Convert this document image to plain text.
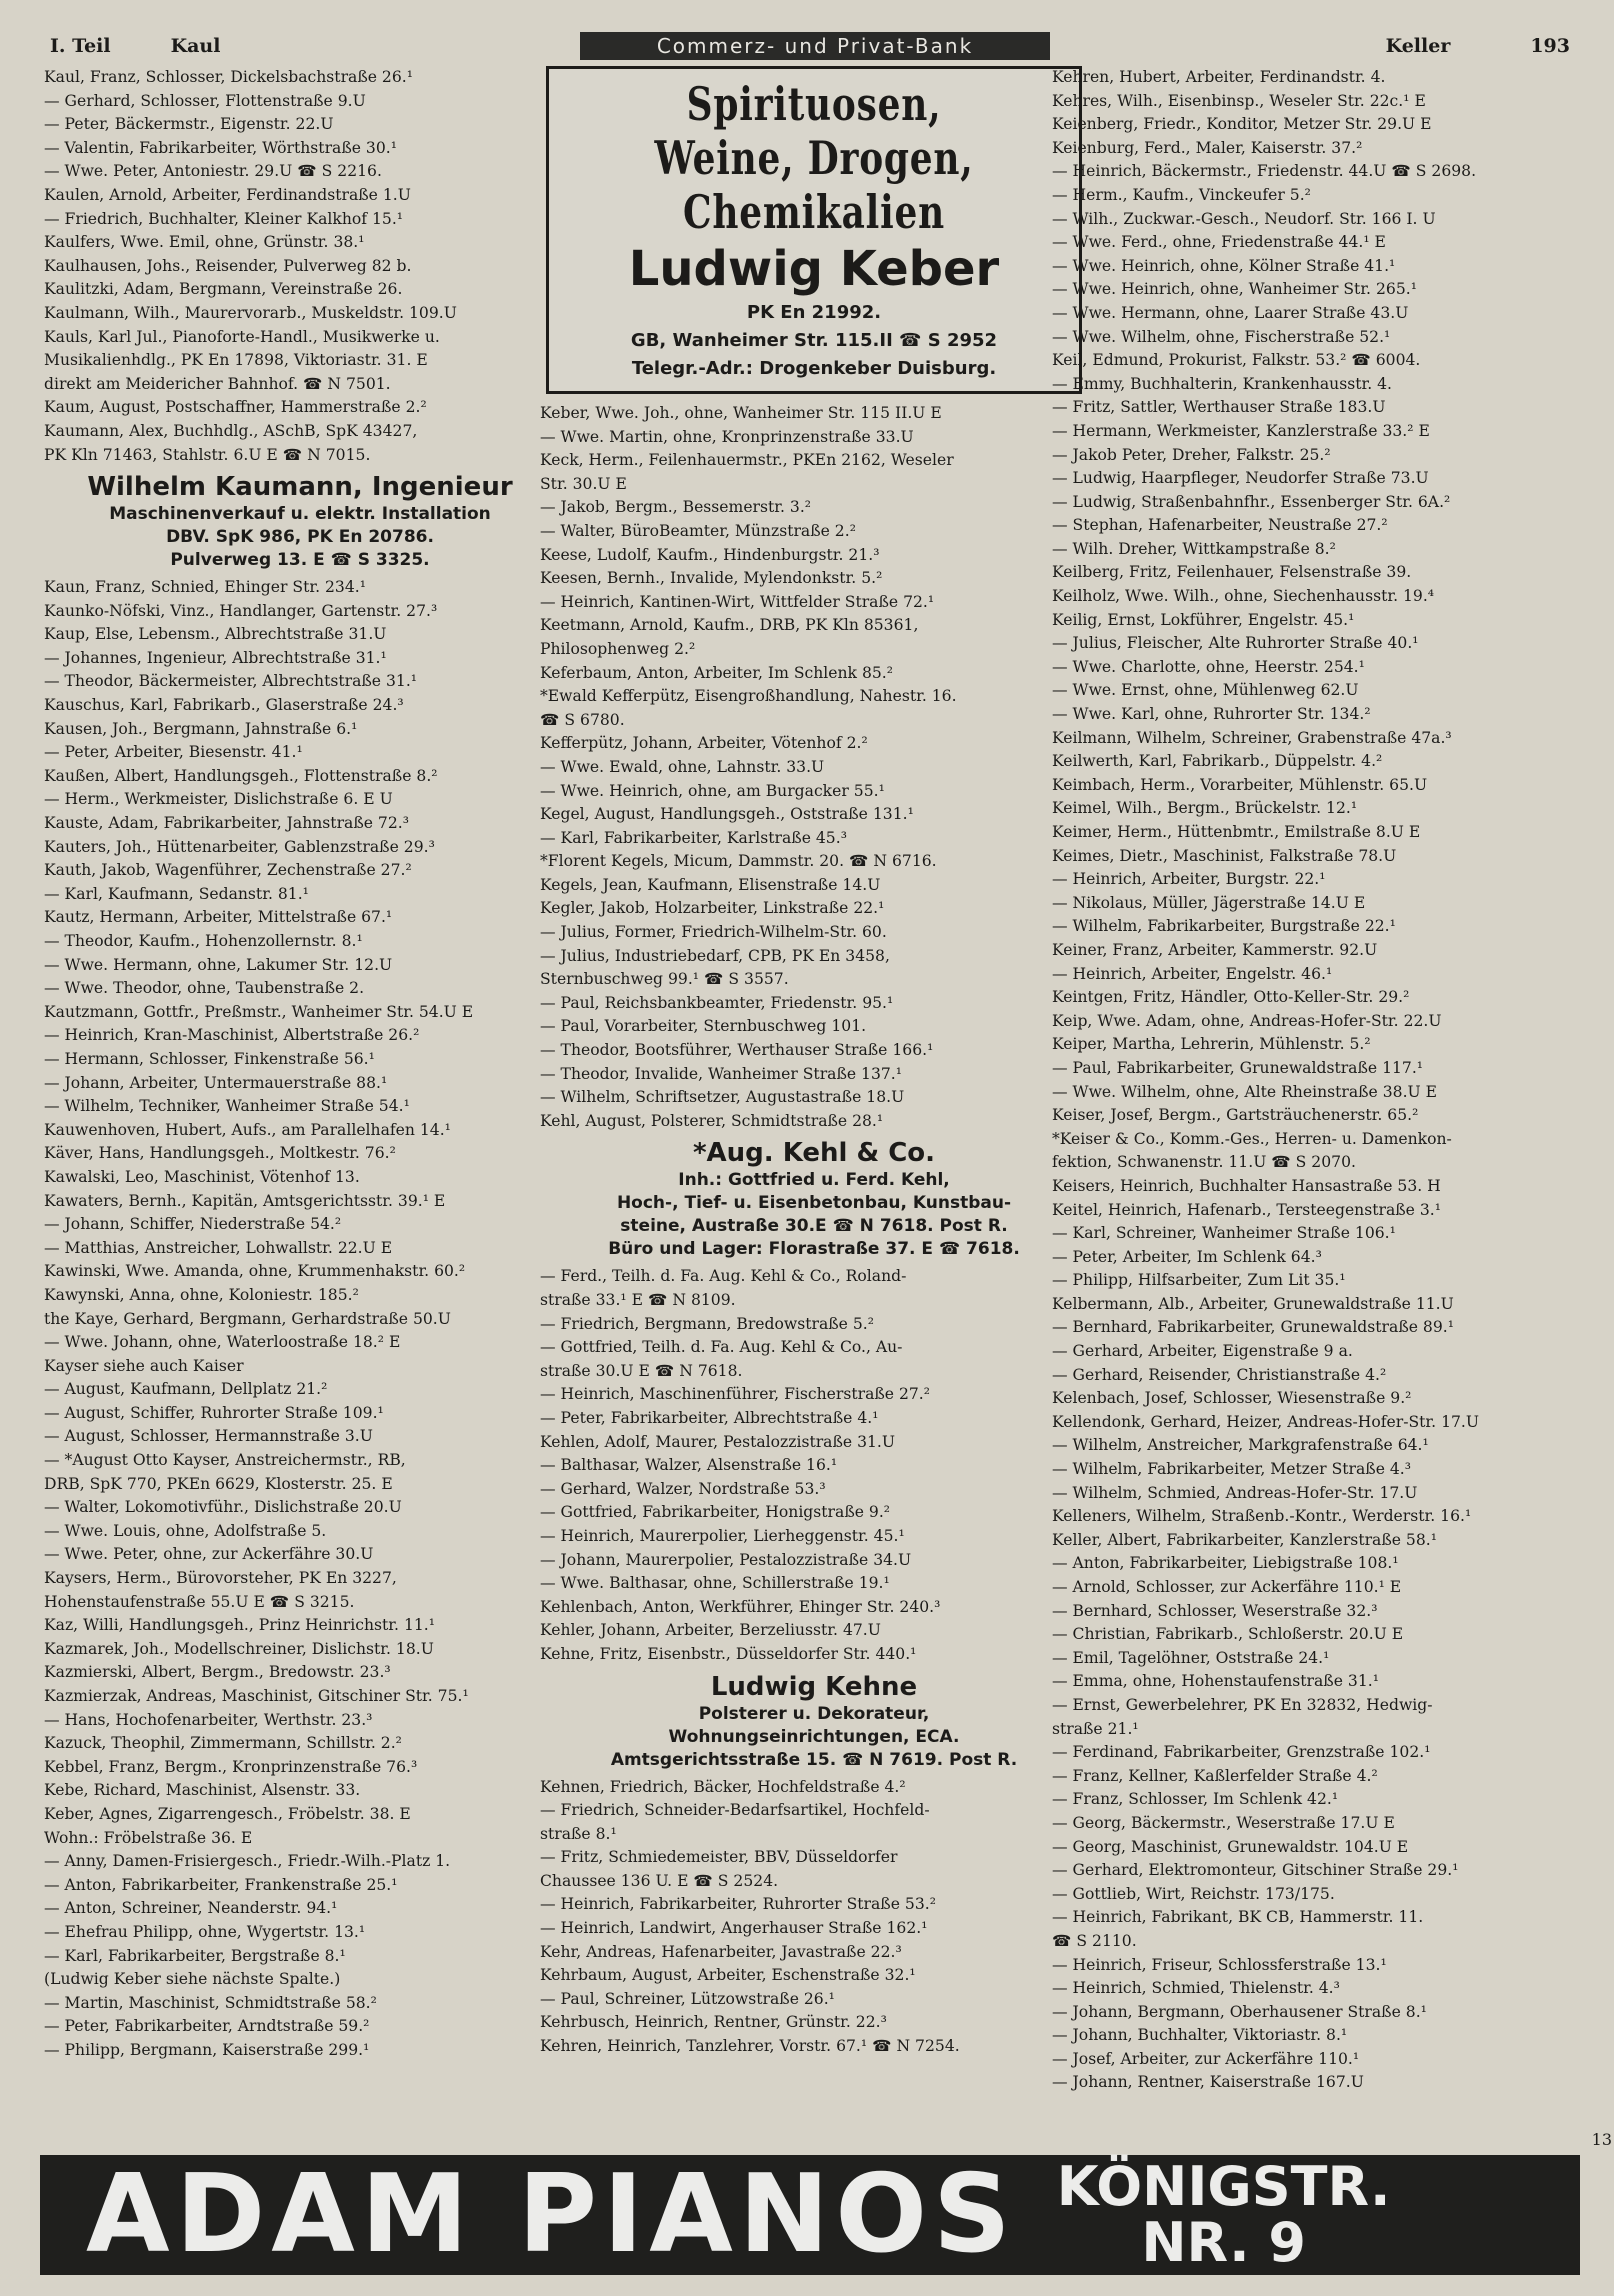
I. Teil	Kaul	Keller	193
Commerz- und Privat-Bank

Kaul, Franz, Schlosser, Dickelsbachstraße 26.¹

— Gerhard, Schlosser, Flottenstraße 9.U

— Peter, Bäckermstr., Eigenstr. 22.U

— Valentin, Fabrikarbeiter, Wörthstraße 30.¹

— Wwe. Peter, Antoniestr. 29.U ☎ S 2216.

Kaulen, Arnold, Arbeiter, Ferdinandstraße 1.U

— Friedrich, Buchhalter, Kleiner Kalkhof 15.¹

Kaulfers, Wwe. Emil, ohne, Grünstr. 38.¹

Kaulhausen, Johs., Reisender, Pulverweg 82 b.

Kaulitzki, Adam, Bergmann, Vereinstraße 26.

Kaulmann, Wilh., Maurervorarb., Muskeldstr. 109.U

Kauls, Karl Jul., Pianoforte-Handl., Musikwerke u.

Musikalienhdlg., PK En 17898, Viktoriastr. 31. E

direkt am Meidericher Bahnhof. ☎ N 7501.

Kaum, August, Postschaffner, Hammerstraße 2.²

Kaumann, Alex, Buchhdlg., ASchB, SpK 43427,

PK Kln 71463, Stahlstr. 6.U E ☎ N 7015.

Wilhelm Kaumann, Ingenieur
Maschinenverkauf u. elektr. Installation
DBV. SpK 986, PK En 20786.
Pulverweg 13. E ☎ S 3325.

Kaun, Franz, Schnied, Ehinger Str. 234.¹

Kaunko-Nöfski, Vinz., Handlanger, Gartenstr. 27.³

Kaup, Else, Lebensm., Albrechtstraße 31.U

— Johannes, Ingenieur, Albrechtstraße 31.¹

— Theodor, Bäckermeister, Albrechtstraße 31.¹

Kauschus, Karl, Fabrikarb., Glaserstraße 24.³

Kausen, Joh., Bergmann, Jahnstraße 6.¹

— Peter, Arbeiter, Biesenstr. 41.¹

Kaußen, Albert, Handlungsgeh., Flottenstraße 8.²

— Herm., Werkmeister, Dislichstraße 6. E U

Kauste, Adam, Fabrikarbeiter, Jahnstraße 72.³

Kauters, Joh., Hüttenarbeiter, Gablenzstraße 29.³

Kauth, Jakob, Wagenführer, Zechenstraße 27.²

— Karl, Kaufmann, Sedanstr. 81.¹

Kautz, Hermann, Arbeiter, Mittelstraße 67.¹

— Theodor, Kaufm., Hohenzollernstr. 8.¹

— Wwe. Hermann, ohne, Lakumer Str. 12.U

— Wwe. Theodor, ohne, Taubenstraße 2.

Kautzmann, Gottfr., Preßmstr., Wanheimer Str. 54.U E

— Heinrich, Kran-Maschinist, Albertstraße 26.²

— Hermann, Schlosser, Finkenstraße 56.¹

— Johann, Arbeiter, Untermauerstraße 88.¹

— Wilhelm, Techniker, Wanheimer Straße 54.¹

Kauwenhoven, Hubert, Aufs., am Parallelhafen 14.¹

Käver, Hans, Handlungsgeh., Moltkestr. 76.²

Kawalski, Leo, Maschinist, Vötenhof 13.

Kawaters, Bernh., Kapitän, Amtsgerichtsstr. 39.¹ E

— Johann, Schiffer, Niederstraße 54.²

— Matthias, Anstreicher, Lohwallstr. 22.U E

Kawinski, Wwe. Amanda, ohne, Krummenhakstr. 60.²

Kawynski, Anna, ohne, Koloniestr. 185.²

the Kaye, Gerhard, Bergmann, Gerhardstraße 50.U

— Wwe. Johann, ohne, Waterloostraße 18.² E

Kayser siehe auch Kaiser

— August, Kaufmann, Dellplatz 21.²

— August, Schiffer, Ruhrorter Straße 109.¹

— August, Schlosser, Hermannstraße 3.U

— *August Otto Kayser, Anstreichermstr., RB,

DRB, SpK 770, PKEn 6629, Klosterstr. 25. E

— Walter, Lokomotivführ., Dislichstraße 20.U

— Wwe. Louis, ohne, Adolfstraße 5.

— Wwe. Peter, ohne, zur Ackerfähre 30.U

Kaysers, Herm., Bürovorsteher, PK En 3227,

Hohenstaufenstraße 55.U E ☎ S 3215.

Kaz, Willi, Handlungsgeh., Prinz Heinrichstr. 11.¹

Kazmarek, Joh., Modellschreiner, Dislichstr. 18.U

Kazmierski, Albert, Bergm., Bredowstr. 23.³

Kazmierzak, Andreas, Maschinist, Gitschiner Str. 75.¹

— Hans, Hochofenarbeiter, Werthstr. 23.³

Kazuck, Theophil, Zimmermann, Schillstr. 2.²

Kebbel, Franz, Bergm., Kronprinzenstraße 76.³

Kebe, Richard, Maschinist, Alsenstr. 33.

Keber, Agnes, Zigarrengesch., Fröbelstr. 38. E

Wohn.: Fröbelstraße 36. E

— Anny, Damen-Frisiergesch., Friedr.-Wilh.-Platz 1.

— Anton, Fabrikarbeiter, Frankenstraße 25.¹

— Anton, Schreiner, Neanderstr. 94.¹

— Ehefrau Philipp, ohne, Wygertstr. 13.¹

— Karl, Fabrikarbeiter, Bergstraße 8.¹

(Ludwig Keber siehe nächste Spalte.)

— Martin, Maschinist, Schmidtstraße 58.²

— Peter, Fabrikarbeiter, Arndtstraße 59.²

— Philipp, Bergmann, Kaiserstraße 299.¹

Spirituosen, Weine, Drogen,
Chemikalien
Ludwig Keber
PK En 21992.
GB, Wanheimer Str. 115.II ☎ S 2952
Telegr.-Adr.: Drogenkeber Duisburg.

Keber, Wwe. Joh., ohne, Wanheimer Str. 115 II.U E

— Wwe. Martin, ohne, Kronprinzenstraße 33.U

Keck, Herm., Feilenhauermstr., PKEn 2162, Weseler

Str. 30.U E

— Jakob, Bergm., Bessemerstr. 3.²

— Walter, BüroBeamter, Münzstraße 2.²

Keese, Ludolf, Kaufm., Hindenburgstr. 21.³

Keesen, Bernh., Invalide, Mylendonkstr. 5.²

— Heinrich, Kantinen-Wirt, Wittfelder Straße 72.¹

Keetmann, Arnold, Kaufm., DRB, PK Kln 85361,

Philosophenweg 2.²

Keferbaum, Anton, Arbeiter, Im Schlenk 85.²

*Ewald Kefferpütz, Eisengroßhandlung, Nahestr. 16.

☎ S 6780.

Kefferpütz, Johann, Arbeiter, Vötenhof 2.²

— Wwe. Ewald, ohne, Lahnstr. 33.U

— Wwe. Heinrich, ohne, am Burgacker 55.¹

Kegel, August, Handlungsgeh., Oststraße 131.¹

— Karl, Fabrikarbeiter, Karlstraße 45.³

*Florent Kegels, Micum, Dammstr. 20. ☎ N 6716.

Kegels, Jean, Kaufmann, Elisenstraße 14.U

Kegler, Jakob, Holzarbeiter, Linkstraße 22.¹

— Julius, Former, Friedrich-Wilhelm-Str. 60.

— Julius, Industriebedarf, CPB, PK En 3458,

Sternbuschweg 99.¹ ☎ S 3557.

— Paul, Reichsbankbeamter, Friedenstr. 95.¹

— Paul, Vorarbeiter, Sternbuschweg 101.

— Theodor, Bootsführer, Werthauser Straße 166.¹

— Theodor, Invalide, Wanheimer Straße 137.¹

— Wilhelm, Schriftsetzer, Augustastraße 18.U

Kehl, August, Polsterer, Schmidtstraße 28.¹

*Aug. Kehl & Co.
Inh.: Gottfried u. Ferd. Kehl,
Hoch-, Tief- u. Eisenbetonbau, Kunstbau-
steine, Austraße 30.E ☎ N 7618. Post R.
Büro und Lager: Florastraße 37. E ☎ 7618.

— Ferd., Teilh. d. Fa. Aug. Kehl & Co., Roland-

straße 33.¹ E ☎ N 8109.

— Friedrich, Bergmann, Bredowstraße 5.²

— Gottfried, Teilh. d. Fa. Aug. Kehl & Co., Au-

straße 30.U E ☎ N 7618.

— Heinrich, Maschinenführer, Fischerstraße 27.²

— Peter, Fabrikarbeiter, Albrechtstraße 4.¹

Kehlen, Adolf, Maurer, Pestalozzistraße 31.U

— Balthasar, Walzer, Alsenstraße 16.¹

— Gerhard, Walzer, Nordstraße 53.³

— Gottfried, Fabrikarbeiter, Honigstraße 9.²

— Heinrich, Maurerpolier, Lierheggenstr. 45.¹

— Johann, Maurerpolier, Pestalozzistraße 34.U

— Wwe. Balthasar, ohne, Schillerstraße 19.¹

Kehlenbach, Anton, Werkführer, Ehinger Str. 240.³

Kehler, Johann, Arbeiter, Berzeliusstr. 47.U

Kehne, Fritz, Eisenbstr., Düsseldorfer Str. 440.¹

Ludwig Kehne
Polsterer u. Dekorateur,
Wohnungseinrichtungen, ECA.
Amtsgerichtsstraße 15. ☎ N 7619. Post R.

Kehnen, Friedrich, Bäcker, Hochfeldstraße 4.²

— Friedrich, Schneider-Bedarfsartikel, Hochfeld-

straße 8.¹

— Fritz, Schmiedemeister, BBV, Düsseldorfer

Chaussee 136 U. E ☎ S 2524.

— Heinrich, Fabrikarbeiter, Ruhrorter Straße 53.²

— Heinrich, Landwirt, Angerhauser Straße 162.¹

Kehr, Andreas, Hafenarbeiter, Javastraße 22.³

Kehrbaum, August, Arbeiter, Eschenstraße 32.¹

— Paul, Schreiner, Lützowstraße 26.¹

Kehrbusch, Heinrich, Rentner, Grünstr. 22.³

Kehren, Heinrich, Tanzlehrer, Vorstr. 67.¹ ☎ N 7254.

Kehren, Hubert, Arbeiter, Ferdinandstr. 4.

Kehres, Wilh., Eisenbinsp., Weseler Str. 22c.¹ E

Keienberg, Friedr., Konditor, Metzer Str. 29.U E

Keienburg, Ferd., Maler, Kaiserstr. 37.²

— Heinrich, Bäckermstr., Friedenstr. 44.U ☎ S 2698.

— Herm., Kaufm., Vinckeufer 5.²

— Wilh., Zuckwar.-Gesch., Neudorf. Str. 166 I. U

— Wwe. Ferd., ohne, Friedenstraße 44.¹ E

— Wwe. Heinrich, ohne, Kölner Straße 41.¹

— Wwe. Heinrich, ohne, Wanheimer Str. 265.¹

— Wwe. Hermann, ohne, Laarer Straße 43.U

— Wwe. Wilhelm, ohne, Fischerstraße 52.¹

Keil, Edmund, Prokurist, Falkstr. 53.² ☎ 6004.

— Emmy, Buchhalterin, Krankenhausstr. 4.

— Fritz, Sattler, Werthauser Straße 183.U

— Hermann, Werkmeister, Kanzlerstraße 33.² E

— Jakob Peter, Dreher, Falkstr. 25.²

— Ludwig, Haarpfleger, Neudorfer Straße 73.U

— Ludwig, Straßenbahnfhr., Essenberger Str. 6A.²

— Stephan, Hafenarbeiter, Neustraße 27.²

— Wilh. Dreher, Wittkampstraße 8.²

Keilberg, Fritz, Feilenhauer, Felsenstraße 39.

Keilholz, Wwe. Wilh., ohne, Siechenhausstr. 19.⁴

Keilig, Ernst, Lokführer, Engelstr. 45.¹

— Julius, Fleischer, Alte Ruhrorter Straße 40.¹

— Wwe. Charlotte, ohne, Heerstr. 254.¹

— Wwe. Ernst, ohne, Mühlenweg 62.U

— Wwe. Karl, ohne, Ruhrorter Str. 134.²

Keilmann, Wilhelm, Schreiner, Grabenstraße 47a.³

Keilwerth, Karl, Fabrikarb., Düppelstr. 4.²

Keimbach, Herm., Vorarbeiter, Mühlenstr. 65.U

Keimel, Wilh., Bergm., Brückelstr. 12.¹

Keimer, Herm., Hüttenbmtr., Emilstraße 8.U E

Keimes, Dietr., Maschinist, Falkstraße 78.U

— Heinrich, Arbeiter, Burgstr. 22.¹

— Nikolaus, Müller, Jägerstraße 14.U E

— Wilhelm, Fabrikarbeiter, Burgstraße 22.¹

Keiner, Franz, Arbeiter, Kammerstr. 92.U

— Heinrich, Arbeiter, Engelstr. 46.¹

Keintgen, Fritz, Händler, Otto-Keller-Str. 29.²

Keip, Wwe. Adam, ohne, Andreas-Hofer-Str. 22.U

Keiper, Martha, Lehrerin, Mühlenstr. 5.²

— Paul, Fabrikarbeiter, Grunewaldstraße 117.¹

— Wwe. Wilhelm, ohne, Alte Rheinstraße 38.U E

Keiser, Josef, Bergm., Gartsträuchenerstr. 65.²

*Keiser & Co., Komm.-Ges., Herren- u. Damenkon-

fektion, Schwanenstr. 11.U ☎ S 2070.

Keisers, Heinrich, Buchhalter Hansastraße 53. H

Keitel, Heinrich, Hafenarb., Tersteegenstraße 3.¹

— Karl, Schreiner, Wanheimer Straße 106.¹

— Peter, Arbeiter, Im Schlenk 64.³

— Philipp, Hilfsarbeiter, Zum Lit 35.¹

Kelbermann, Alb., Arbeiter, Grunewaldstraße 11.U

— Bernhard, Fabrikarbeiter, Grunewaldstraße 89.¹

— Gerhard, Arbeiter, Eigenstraße 9 a.

— Gerhard, Reisender, Christianstraße 4.²

Kelenbach, Josef, Schlosser, Wiesenstraße 9.²

Kellendonk, Gerhard, Heizer, Andreas-Hofer-Str. 17.U

— Wilhelm, Anstreicher, Markgrafenstraße 64.¹

— Wilhelm, Fabrikarbeiter, Metzer Straße 4.³

— Wilhelm, Schmied, Andreas-Hofer-Str. 17.U

Kelleners, Wilhelm, Straßenb.-Kontr., Werderstr. 16.¹

Keller, Albert, Fabrikarbeiter, Kanzlerstraße 58.¹

— Anton, Fabrikarbeiter, Liebigstraße 108.¹

— Arnold, Schlosser, zur Ackerfähre 110.¹ E

— Bernhard, Schlosser, Weserstraße 32.³

— Christian, Fabrikarb., Schloßerstr. 20.U E

— Emil, Tagelöhner, Oststraße 24.¹

— Emma, ohne, Hohenstaufenstraße 31.¹

— Ernst, Gewerbelehrer, PK En 32832, Hedwig-

straße 21.¹

— Ferdinand, Fabrikarbeiter, Grenzstraße 102.¹

— Franz, Kellner, Kaßlerfelder Straße 4.²

— Franz, Schlosser, Im Schlenk 42.¹

— Georg, Bäckermstr., Weserstraße 17.U E

— Georg, Maschinist, Grunewaldstr. 104.U E

— Gerhard, Elektromonteur, Gitschiner Straße 29.¹

— Gottlieb, Wirt, Reichstr. 173/175.

— Heinrich, Fabrikant, BK CB, Hammerstr. 11.

☎ S 2110.

— Heinrich, Friseur, Schlossferstraße 13.¹

— Heinrich, Schmied, Thielenstr. 4.³

— Johann, Bergmann, Oberhausener Straße 8.¹

— Johann, Buchhalter, Viktoriastr. 8.¹

— Josef, Arbeiter, zur Ackerfähre 110.¹

— Johann, Rentner, Kaiserstraße 167.U

ADAM PIANOS KÖNIGSTR.
NR. 9
13
